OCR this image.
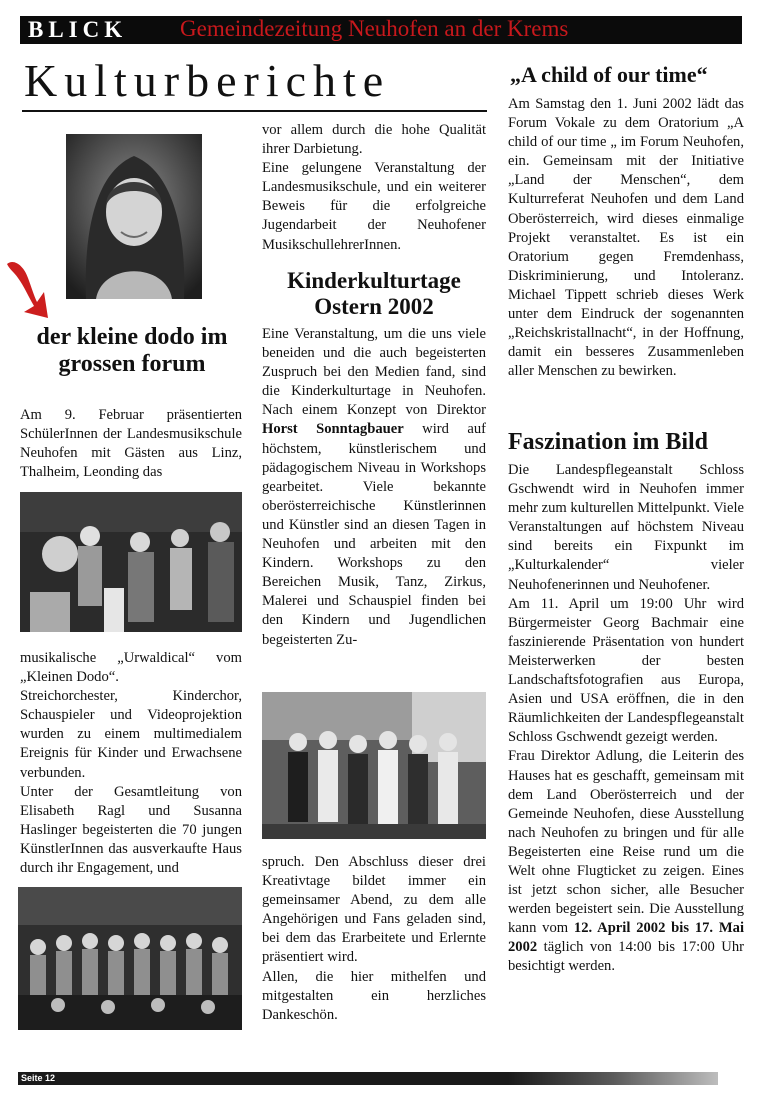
BLICK Gemeindezeitung Neuhofen an der Krems
Kulturberichte
der kleine dodo im grossen forum

Am 9. Februar präsentierten SchülerInnen der Landesmusikschule Neuhofen mit Gästen aus Linz, Thalheim, Leonding das

musikalische „Urwaldical“ vom „Kleinen Dodo“.

Streichorchester, Kinderchor, Schauspieler und Videoprojektion wurden zu einem multimedialem Ereignis für Kinder und Erwachsene verbunden.

Unter der Gesamtleitung von Elisabeth Ragl und Susanna Haslinger begeisterten die 70 jungen KünstlerInnen das ausverkaufte Haus durch ihr Engagement, und

vor allem durch die hohe Qualität ihrer Darbietung.

Eine gelungene Veranstaltung der Landesmusikschule, und ein weiterer Beweis für die erfolgreiche Jugendarbeit der Neuhofener MusikschullehrerInnen.

Kinderkulturtage Ostern 2002

Eine Veranstaltung, um die uns viele beneiden und die auch begeisterten Zuspruch bei den Medien fand, sind die Kinderkulturtage in Neuhofen. Nach einem Konzept von Direktor Horst Sonntagbauer wird auf höchstem, künstlerischem und pädagogischem Niveau in Workshops gearbeitet. Viele bekannte oberösterreichische Künstlerinnen und Künstler sind an diesen Tagen in Neuhofen und arbeiten mit den Kindern. Workshops zu den Bereichen Musik, Tanz, Zirkus, Malerei und Schauspiel finden bei den Kindern und Jugendlichen begeisterten Zu-

spruch. Den Abschluss dieser drei Kreativtage bildet immer ein gemeinsamer Abend, zu dem alle Angehörigen und Fans geladen sind, bei dem das Erarbeitete und Erlernte präsentiert wird.

Allen, die hier mithelfen und mitgestalten ein herzliches Dankeschön.

„A child of our time“

Am Samstag den 1. Juni 2002 lädt das Forum Vokale zu dem Oratorium „A child of our time „ im Forum Neuhofen, ein. Gemeinsam mit der Initiative „Land der Menschen“, dem Kulturreferat Neuhofen und dem Land Oberösterreich, wird dieses einmalige Projekt veranstaltet. Es ist ein Oratorium gegen Fremdenhass, Diskriminierung, und Intoleranz. Michael Tippett schrieb dieses Werk unter dem Eindruck der sogenannten „Reichskristallnacht“, in der Hoffnung, damit ein besseres Zusammenleben aller Menschen zu bewirken.

Faszination im Bild

Die Landespflegeanstalt Schloss Gschwendt wird in Neuhofen immer mehr zum kulturellen Mittelpunkt. Viele Veranstaltungen auf höchstem Niveau sind bereits ein Fixpunkt im „Kulturkalender“ vieler Neuhofenerinnen und Neuhofener.

Am 11. April um 19:00 Uhr wird Bürgermeister Georg Bachmair eine faszinierende Präsentation von hundert Meisterwerken der besten Landschaftsfotografien aus Europa, Asien und USA eröffnen, die in den Räumlichkeiten der Landespflegeanstalt Schloss Gschwendt gezeigt werden.

Frau Direktor Adlung, die Leiterin des Hauses hat es geschafft, gemeinsam mit dem Land Oberösterreich und der Gemeinde Neuhofen, diese Ausstellung nach Neuhofen zu bringen und für alle Begeisterten eine Reise rund um die Welt ohne Flugticket zu zeigen. Eines ist jetzt schon sicher, alle Besucher werden begeistert sein. Die Ausstellung kann vom 12. April 2002 bis 17. Mai 2002 täglich von 14:00 bis 17:00 Uhr besichtigt werden.

Seite 12
